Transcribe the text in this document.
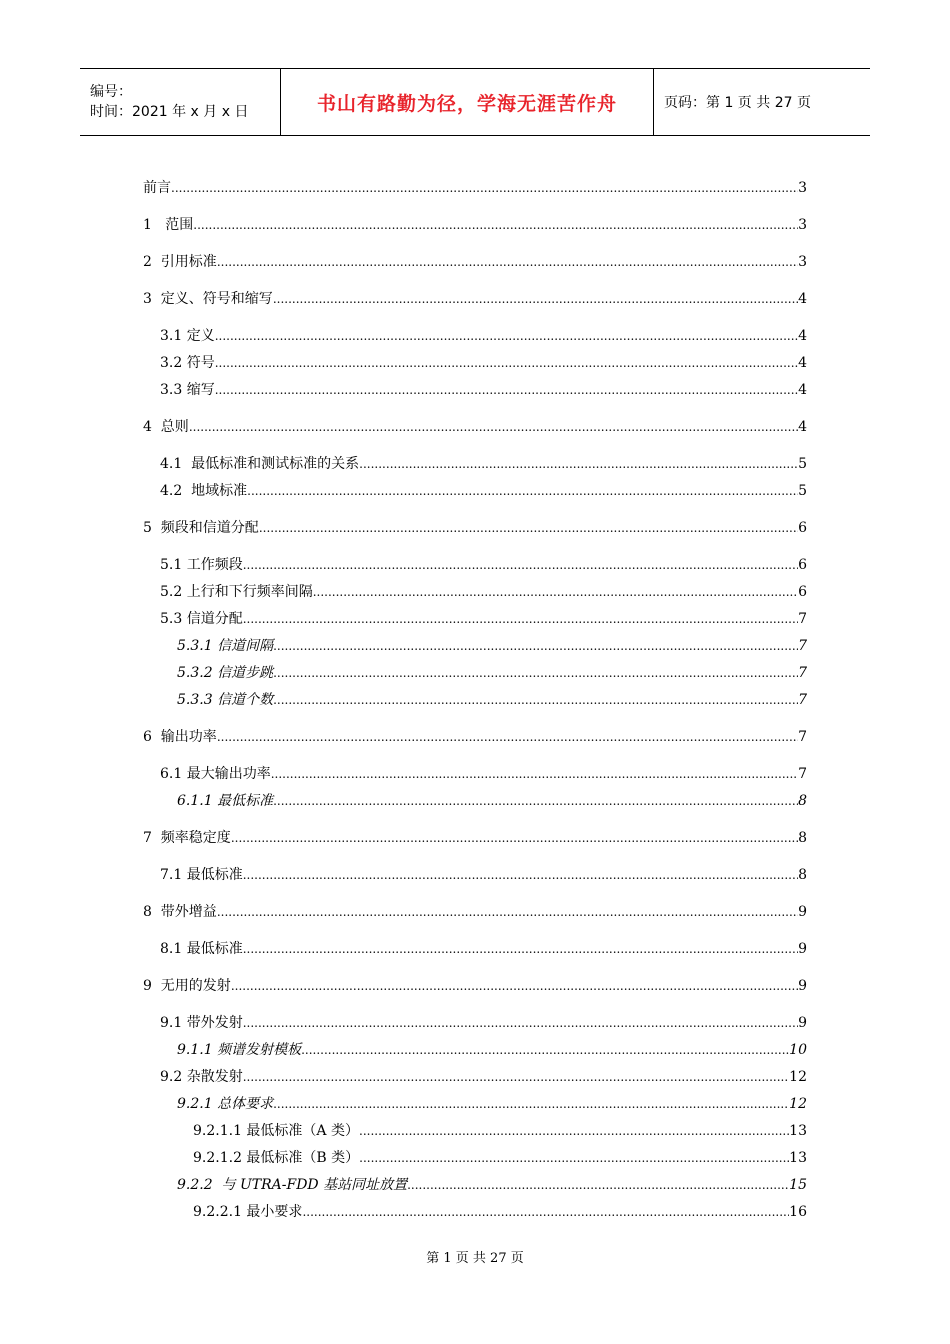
编号：
时间：2021 年 x 月 x 日	书山有路勤为径，学海无涯苦作舟	页码：第 1 页 共 27 页
前言 .....	3
1   范围 .....	3
2  引用标准 .....	3
3  定义、符号和缩写 .....	4
3.1 定义 .....	4
3.2 符号 .....	4
3.3 缩写 .....	4
4  总则 .....	4
4.1  最低标准和测试标准的关系 .....	5
4.2  地域标准 .....	5
5  频段和信道分配 .....	6
5.1 工作频段 .....	6
5.2 上行和下行频率间隔 .....	6
5.3 信道分配 .....	7
5.3.1 信道间隔 .....	7
5.3.2 信道步跳 .....	7
5.3.3 信道个数 .....	7
6  输出功率 .....	7
6.1 最大输出功率 .....	7
6.1.1 最低标准 .....	8
7  频率稳定度 .....	8
7.1 最低标准 .....	8
8  带外增益 .....	9
8.1 最低标准 .....	9
9  无用的发射 .....	9
9.1 带外发射 .....	9
9.1.1 频谱发射模板 .....	10
9.2 杂散发射 .....	12
9.2.1 总体要求 .....	12
9.2.1.1 最低标准（A 类） .....	13
9.2.1.2 最低标准（B 类） .....	13
9.2.2  与 UTRA-FDD 基站同址放置 .....	15
9.2.2.1 最小要求 .....	16
第 1 页 共 27 页
